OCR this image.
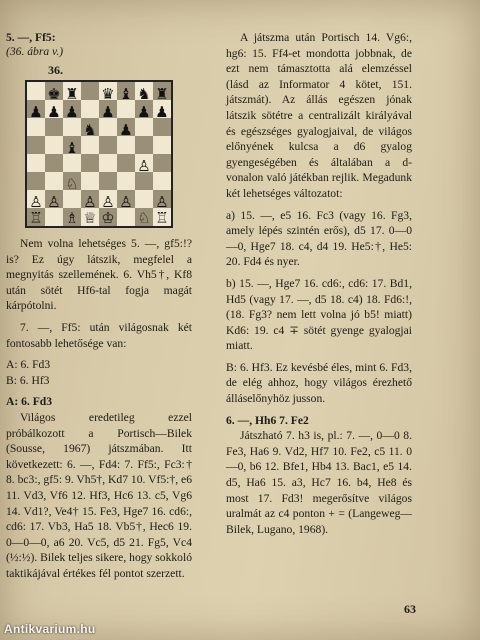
5. —, Ff5:
(36. ábra v.)
36.
♚ ♜ ♛ ♝ ♞ ♜
♟ ♟ ♟ ♟ ♟ ♟
♞ ♟
♝
♙
♘
♙ ♙ ♙ ♙ ♙ ♙
♖ ♗ ♕ ♔ ♘ ♖

Nem volna lehetséges 5. —, gf5:!? is? Ez úgy látszik, megfelel a megnyitás szellemének. 6. Vh5†, Kf8 után sötét Hf6-tal fogja magát kárpótolni.

7. —, Ff5: után világosnak két fontosabb lehetősége van:

A: 6. Fd3

B: 6. Hf3

A: 6. Fd3

Világos eredetileg ezzel próbálkozott a Portisch—Bilek (Sousse, 1967) játszmában. Itt következett: 6. —, Fd4: 7. Ff5:, Fc3:† 8. bc3:, gf5: 9. Vh5†, Kd7 10. Vf5:†, e6 11. Vd3, Vf6 12. Hf3, Hc6 13. c5, Vg6 14. Vd1?, Ve4† 15. Fe3, Hge7 16. cd6:, cd6: 17. Vb3, Ha5 18. Vb5†, Hec6 19. 0—0—0, a6 20. Vc5, d5 21. Fg5, Vc4 (½:½). Bilek teljes sikere, hogy sokkoló taktikájával értékes fél pontot szerzett.

A játszma után Portisch 14. Vg6:, hg6: 15. Ff4-et mondotta jobbnak, de ezt nem támasztotta alá elemzéssel (lásd az Informator 4 kötet, 151. játszmát). Az állás egészen jónak látszik sötétre a centralizált királyával és egészséges gyalogjaival, de világos előnyének kulcsa a d6 gyalog gyengeségében és általában a d-vonalon való játékban rejlik. Megadunk két lehetséges változatot:

a) 15. —, e5 16. Fc3 (vagy 16. Fg3, amely lépés szintén erős), d5 17. 0—0—0, Hge7 18. c4, d4 19. He5:†, He5: 20. Fd4 és nyer.

b) 15. —, Hge7 16. cd6:, cd6: 17. Bd1, Hd5 (vagy 17. —, d5 18. c4) 18. Fd6:!, (18. Fg3? nem lett volna jó b5! miatt) Kd6: 19. c4 ∓ sötét gyenge gyalogjai miatt.

B: 6. Hf3. Ez kevésbé éles, mint 6. Fd3, de elég ahhoz, hogy világos érezhető álláselőnyhöz jusson.

6. —, Hh6 7. Fe2

Játszható 7. h3 is, pl.: 7. —, 0—0 8. Fe3, Ha6 9. Vd2, Hf7 10. Fe2, c5 11. 0—0, b6 12. Bfe1, Hb4 13. Bac1, e5 14. d5, Ha6 15. a3, Hc7 16. b4, He8 és most 17. Fd3! megerősítve világos uralmát az c4 ponton + = (Langeweg—Bilek, Lugano, 1968).

63
Antikvarium.hu
